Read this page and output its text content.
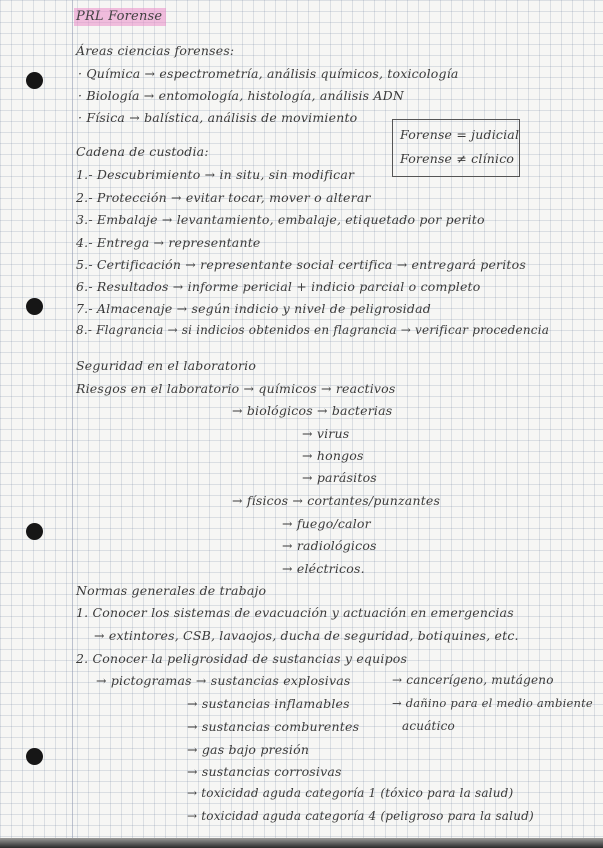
PRL Forense
Forense = judicial
Forense ≠ clínico
Áreas ciencias forenses:
· Química → espectrometría, análisis químicos, toxicología
· Biología → entomología, histología, análisis ADN
· Física → balística, análisis de movimiento
Cadena de custodia:
1.- Descubrimiento → in situ, sin modificar
2.- Protección → evitar tocar, mover o alterar
3.- Embalaje → levantamiento, embalaje, etiquetado por perito
4.- Entrega → representante
5.- Certificación → representante social certifica → entregará peritos
6.- Resultados → informe pericial + indicio parcial o completo
7.- Almacenaje → según indicio y nivel de peligrosidad
8.- Flagrancia → si indicios obtenidos en flagrancia → verificar procedencia
Seguridad en el laboratorio
Riesgos en el laboratorio → químicos → reactivos
→ biológicos → bacterias
→ virus
→ hongos
→ parásitos
→ físicos → cortantes/punzantes
→ fuego/calor
→ radiológicos
→ eléctricos.
Normas generales de trabajo
1. Conocer los sistemas de evacuación y actuación en emergencias
→ extintores, CSB, lavaojos, ducha de seguridad, botiquines, etc.
2. Conocer la peligrosidad de sustancias y equipos
→ pictogramas → sustancias explosivas
→ sustancias inflamables
→ sustancias comburentes
→ gas bajo presión
→ sustancias corrosivas
→ toxicidad aguda categoría 1 (tóxico para la salud)
→ toxicidad aguda categoría 4 (peligroso para la salud)
→ cancerígeno, mutágeno
→ dañino para el medio ambiente
acuático
